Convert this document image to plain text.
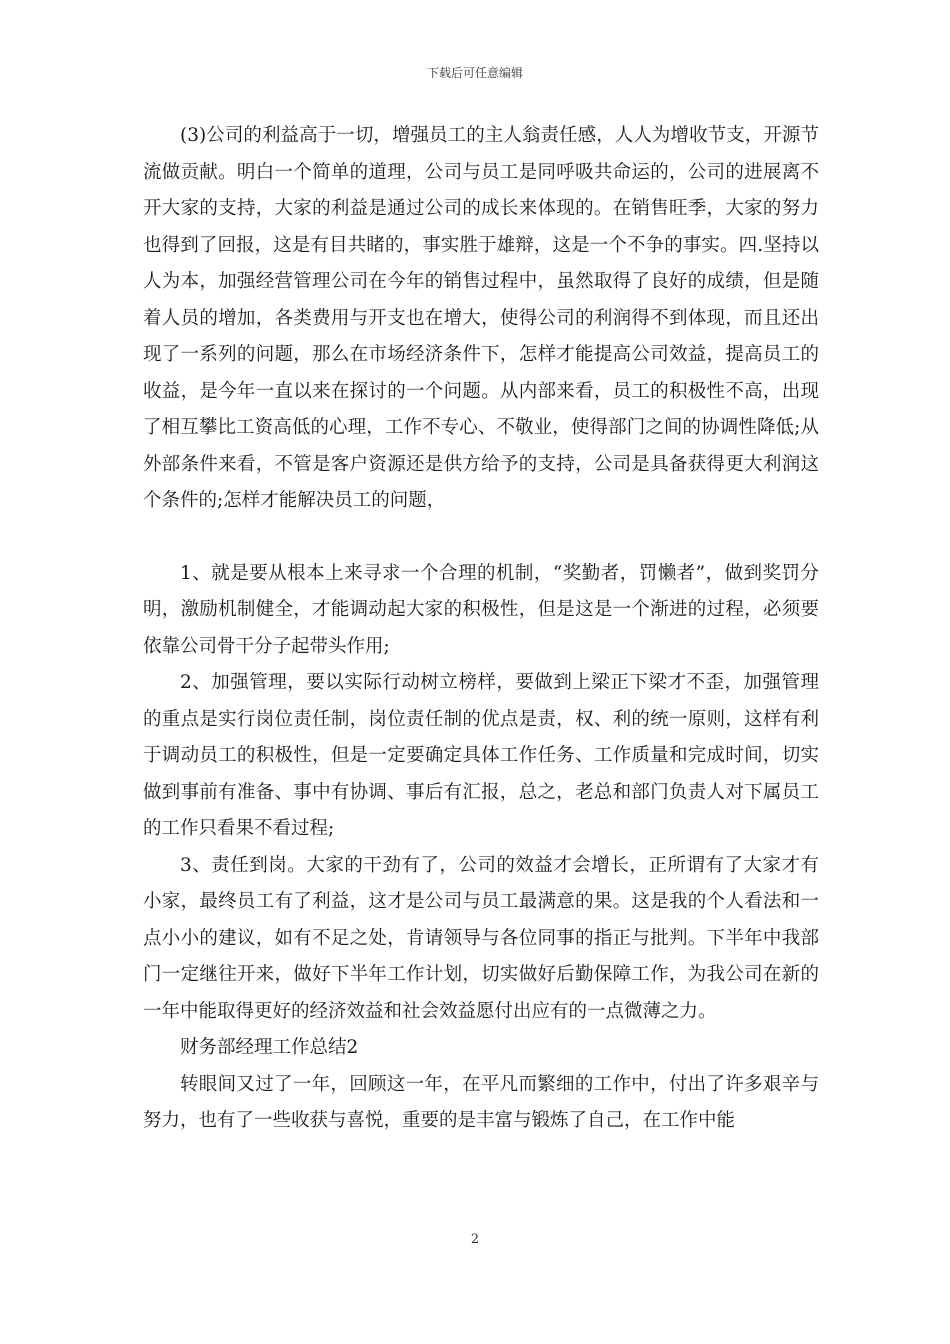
下载后可任意编辑

(3)公司的利益高于一切，增强员工的主人翁责任感，人人为增收节支，开源节流做贡献。明白一个简单的道理，公司与员工是同呼吸共命运的，公司的进展离不开大家的支持，大家的利益是通过公司的成长来体现的。在销售旺季，大家的努力也得到了回报，这是有目共睹的，事实胜于雄辩，这是一个不争的事实。四.坚持以人为本，加强经营管理公司在今年的销售过程中，虽然取得了良好的成绩，但是随着人员的增加，各类费用与开支也在增大，使得公司的利润得不到体现，而且还出现了一系列的问题，那么在市场经济条件下，怎样才能提高公司效益，提高员工的收益，是今年一直以来在探讨的一个问题。从内部来看，员工的积极性不高，出现了相互攀比工资高低的心理，工作不专心、不敬业，使得部门之间的协调性降低;从外部条件来看，不管是客户资源还是供方给予的支持，公司是具备获得更大利润这个条件的;怎样才能解决员工的问题，

1、就是要从根本上来寻求一个合理的机制，“奖勤者，罚懒者”，做到奖罚分明，激励机制健全，才能调动起大家的积极性，但是这是一个渐进的过程，必须要依靠公司骨干分子起带头作用;

2、加强管理，要以实际行动树立榜样，要做到上梁正下梁才不歪，加强管理的重点是实行岗位责任制，岗位责任制的优点是责，权、利的统一原则，这样有利于调动员工的积极性，但是一定要确定具体工作任务、工作质量和完成时间，切实做到事前有准备、事中有协调、事后有汇报，总之，老总和部门负责人对下属员工的工作只看果不看过程;

3、责任到岗。大家的干劲有了，公司的效益才会增长，正所谓有了大家才有小家，最终员工有了利益，这才是公司与员工最满意的果。这是我的个人看法和一点小小的建议，如有不足之处，肯请领导与各位同事的指正与批判。下半年中我部门一定继往开来，做好下半年工作计划，切实做好后勤保障工作，为我公司在新的一年中能取得更好的经济效益和社会效益愿付出应有的一点微薄之力。

财务部经理工作总结2

转眼间又过了一年，回顾这一年，在平凡而繁细的工作中，付出了许多艰辛与努力，也有了一些收获与喜悦，重要的是丰富与锻炼了自己，在工作中能

2
